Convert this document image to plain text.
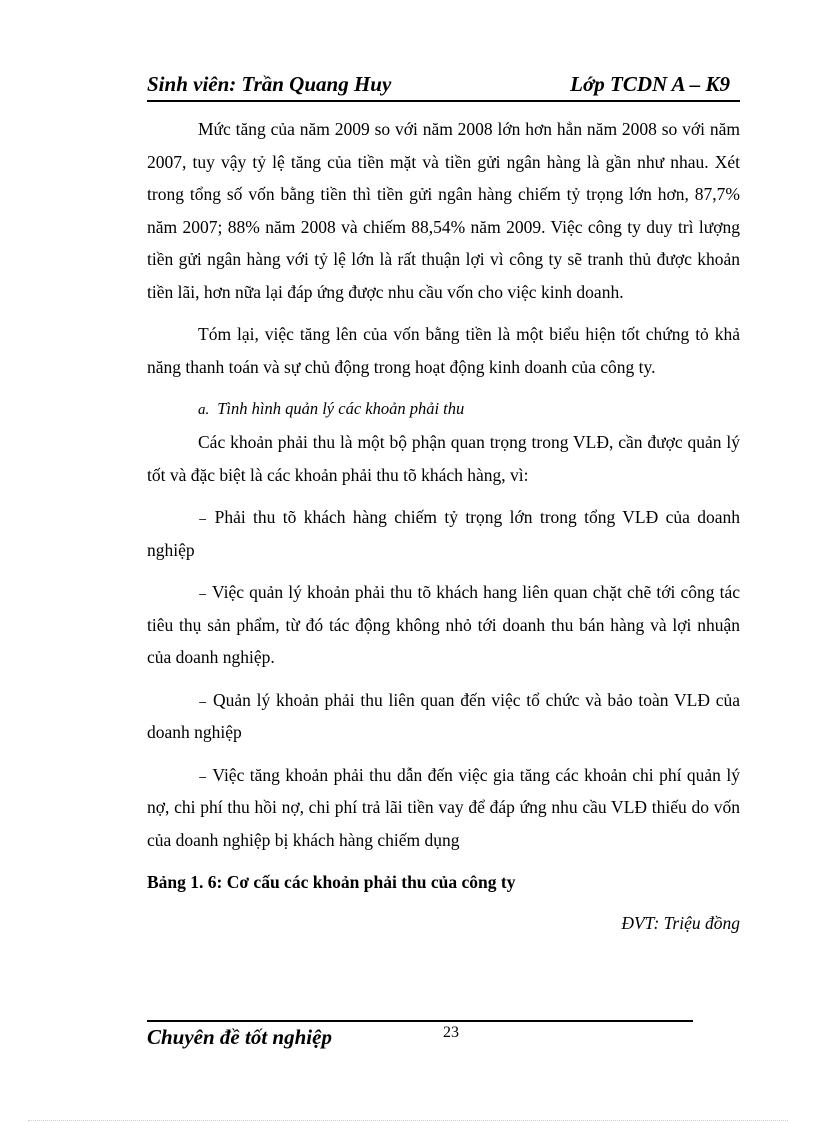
Sinh viên: Trần Quang Huy	Lớp TCDN A – K9

Mức tăng của năm 2009 so với năm 2008 lớn hơn hẳn năm 2008 so với năm 2007, tuy vậy tỷ lệ tăng của tiền mặt và tiền gửi ngân hàng là gần như nhau. Xét trong tổng số vốn bằng tiền thì tiền gửi ngân hàng chiếm tỷ trọng lớn hơn, 87,7% năm 2007; 88% năm 2008 và chiếm 88,54% năm 2009. Việc công ty duy trì lượng tiền gửi ngân hàng với tỷ lệ lớn là rất thuận lợi vì công ty sẽ tranh thủ được khoản tiền lãi, hơn nữa lại đáp ứng được nhu cầu vốn cho việc kinh doanh.

Tóm lại, việc tăng lên của vốn bằng tiền là một biểu hiện tốt chứng tỏ khả năng thanh toán và sự chủ động trong hoạt động kinh doanh của công ty.

a. Tình hình quản lý các khoản phải thu

Các khoản phải thu là một bộ phận quan trọng trong VLĐ, cần được quản lý tốt và đặc biệt là các khoản phải thu tõ khách hàng, vì:

₋ Phải thu tõ khách hàng chiếm tỷ trọng lớn trong tổng VLĐ của doanh nghiệp

₋ Việc quản lý khoản phải thu tõ khách hang liên quan chặt chẽ tới công tác tiêu thụ sản phẩm, từ đó tác động không nhỏ tới doanh thu bán hàng và lợi nhuận của doanh nghiệp.

₋ Quản lý khoản phải thu liên quan đến việc tổ chức và bảo toàn VLĐ của doanh nghiệp

₋ Việc tăng khoản phải thu dẫn đến việc gia tăng các khoản chi phí quản lý nợ, chi phí thu hồi nợ, chi phí trả lãi tiền vay để đáp ứng nhu cầu VLĐ thiếu do vốn của doanh nghiệp bị khách hàng chiếm dụng

Bảng 1. 6: Cơ cấu các khoản phải thu của công ty

ĐVT: Triệu đồng

Chuyên đề tốt nghiệp	23
